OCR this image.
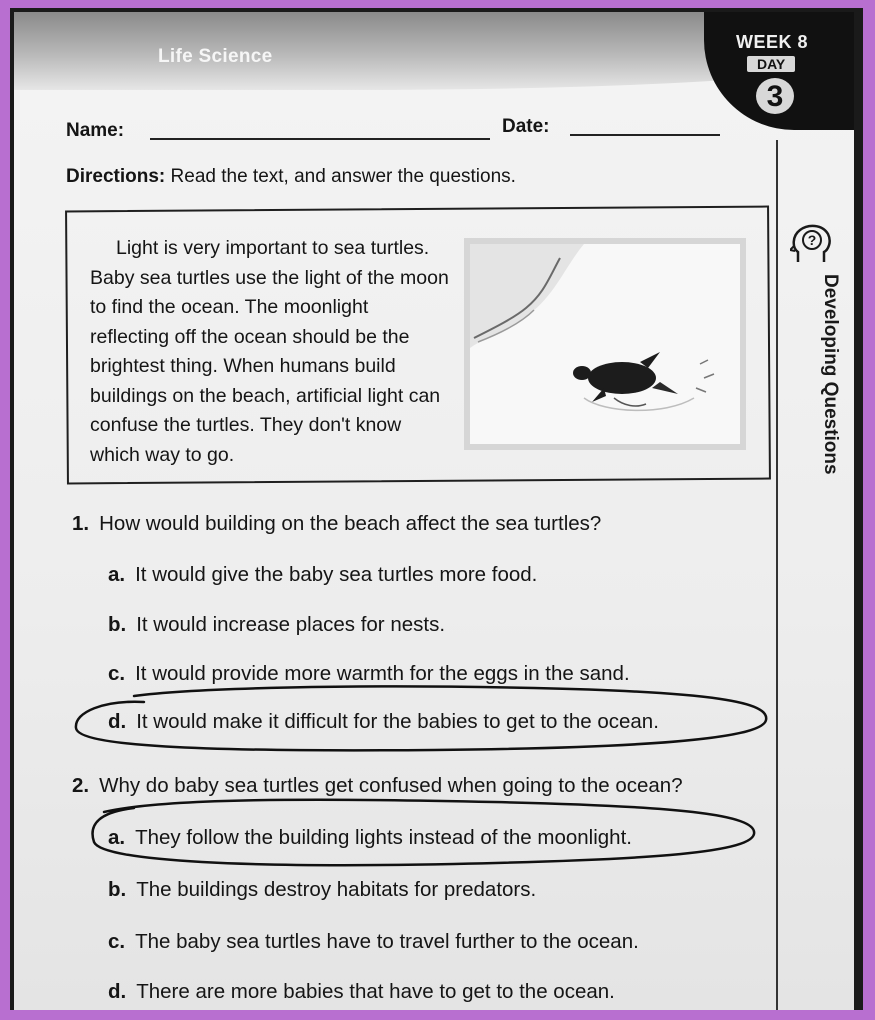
Life Science
WEEK 8
DAY
3
?
Developing Questions
Name:	Date:
Directions: Read the text, and answer the questions.
Light is very important to sea turtles. Baby sea turtles use the light of the moon to find the ocean. The moonlight reflecting off the ocean should be the brightest thing. When humans build buildings on the beach, artificial light can confuse the turtles. They don't know which way to go.
1. How would building on the beach affect the sea turtles?
a. It would give the baby sea turtles more food.
b. It would increase places for nests.
c. It would provide more warmth for the eggs in the sand.
d. It would make it difficult for the babies to get to the ocean.
2. Why do baby sea turtles get confused when going to the ocean?
a. They follow the building lights instead of the moonlight.
b. The buildings destroy habitats for predators.
c. The baby sea turtles have to travel further to the ocean.
d. There are more babies that have to get to the ocean.
